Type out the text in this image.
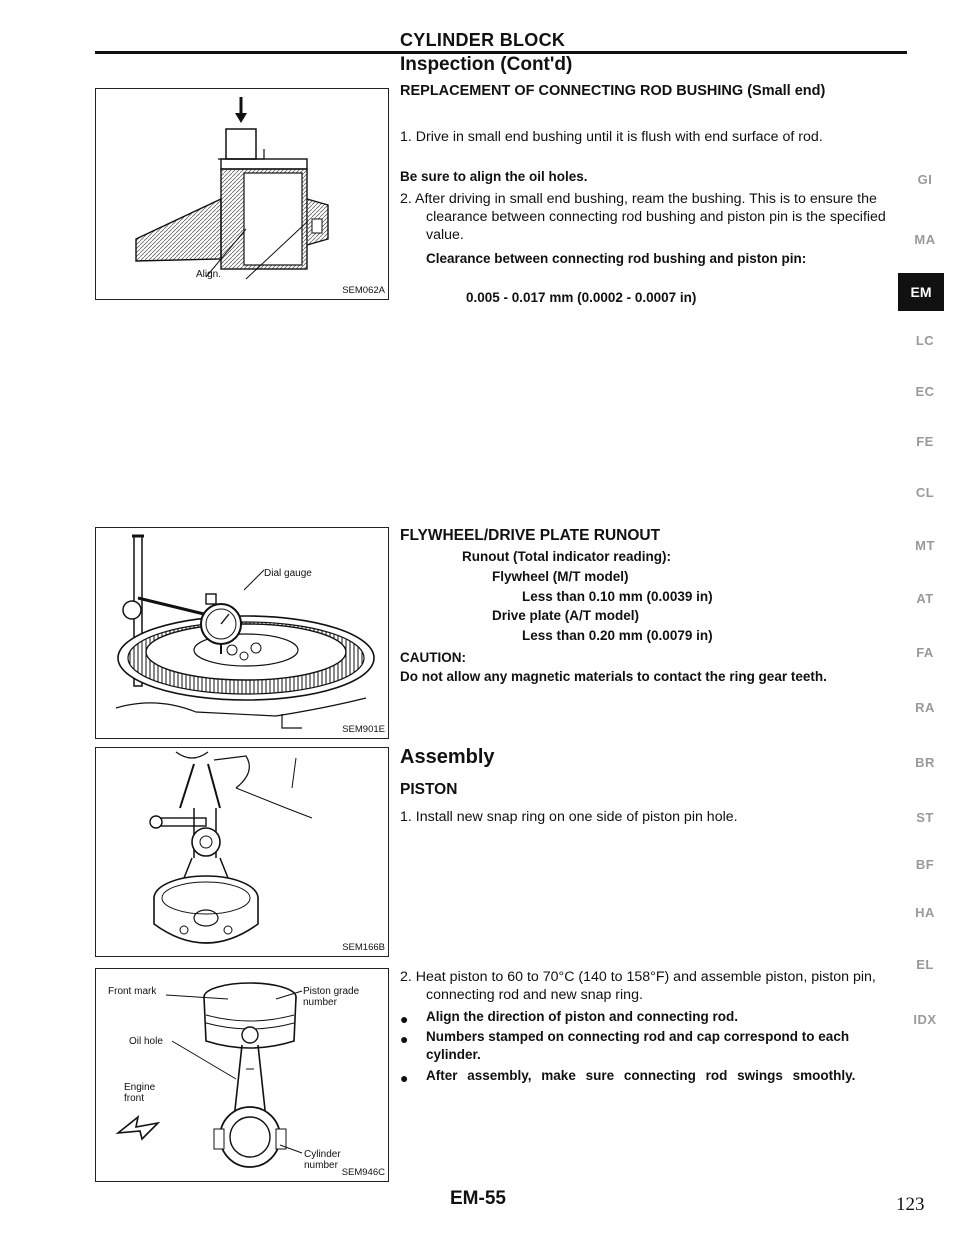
CYLINDER BLOCK
Inspection (Cont'd)
REPLACEMENT OF CONNECTING ROD BUSHING (Small end)
1. Drive in small end bushing until it is flush with end surface of rod.
Be sure to align the oil holes.
2. After driving in small end bushing, ream the bushing. This is to ensure the clearance between connecting rod bushing and piston pin is the specified value.
Clearance between connecting rod bushing and piston pin:
0.005 - 0.017 mm (0.0002 - 0.0007 in)
FLYWHEEL/DRIVE PLATE RUNOUT
Runout (Total indicator reading):
Flywheel (M/T model)
Less than 0.10 mm (0.0039 in)
Drive plate (A/T model)
Less than 0.20 mm (0.0079 in)
CAUTION:
Do not allow any magnetic materials to contact the ring gear teeth.
Assembly
PISTON
1. Install new snap ring on one side of piston pin hole.
2. Heat piston to 60 to 70°C (140 to 158°F) and assemble piston, piston pin, connecting rod and new snap ring.
● Align the direction of piston and connecting rod.
● Numbers stamped on connecting rod and cap correspond to each cylinder.
● After assembly, make sure connecting rod swings smoothly.
Align.
SEM062A
Dial gauge
SEM901E
SEM166B
Front mark	Piston grade number
Oil hole
Engine front
Cylinder number
SEM946C
GI
MA
EM
LC
EC
FE
CL
MT
AT
FA
RA
BR
ST
BF
HA
EL
IDX
EM-55	123
